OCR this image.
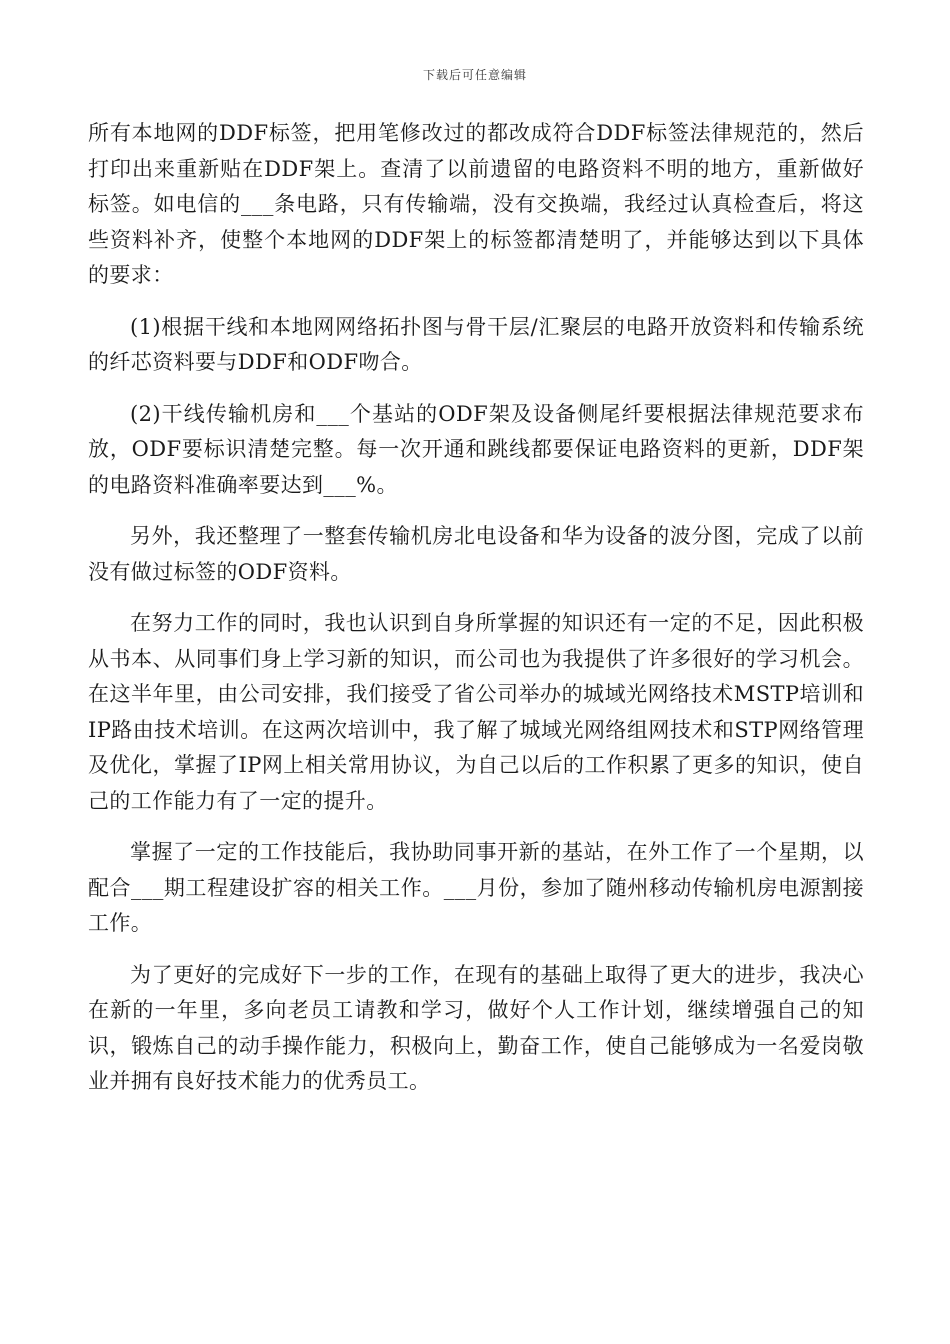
下载后可任意编辑

所有本地网的DDF标签，把用笔修改过的都改成符合DDF标签法律规范的，然后打印出来重新贴在DDF架上。查清了以前遗留的电路资料不明的地方，重新做好标签。如电信的___条电路，只有传输端，没有交换端，我经过认真检查后，将这些资料补齐，使整个本地网的DDF架上的标签都清楚明了，并能够达到以下具体的要求：

(1)根据干线和本地网网络拓扑图与骨干层/汇聚层的电路开放资料和传输系统的纤芯资料要与DDF和ODF吻合。

(2)干线传输机房和___个基站的ODF架及设备侧尾纤要根据法律规范要求布放，ODF要标识清楚完整。每一次开通和跳线都要保证电路资料的更新，DDF架的电路资料准确率要达到___%。

另外，我还整理了一整套传输机房北电设备和华为设备的波分图，完成了以前没有做过标签的ODF资料。

在努力工作的同时，我也认识到自身所掌握的知识还有一定的不足，因此积极从书本、从同事们身上学习新的知识，而公司也为我提供了许多很好的学习机会。在这半年里，由公司安排，我们接受了省公司举办的城域光网络技术MSTP培训和IP路由技术培训。在这两次培训中，我了解了城域光网络组网技术和STP网络管理及优化，掌握了IP网上相关常用协议，为自己以后的工作积累了更多的知识，使自己的工作能力有了一定的提升。

掌握了一定的工作技能后，我协助同事开新的基站，在外工作了一个星期，以配合___期工程建设扩容的相关工作。___月份，参加了随州移动传输机房电源割接工作。

为了更好的完成好下一步的工作，在现有的基础上取得了更大的进步，我决心在新的一年里，多向老员工请教和学习，做好个人工作计划，继续增强自己的知识，锻炼自己的动手操作能力，积极向上，勤奋工作，使自己能够成为一名爱岗敬业并拥有良好技术能力的优秀员工。
